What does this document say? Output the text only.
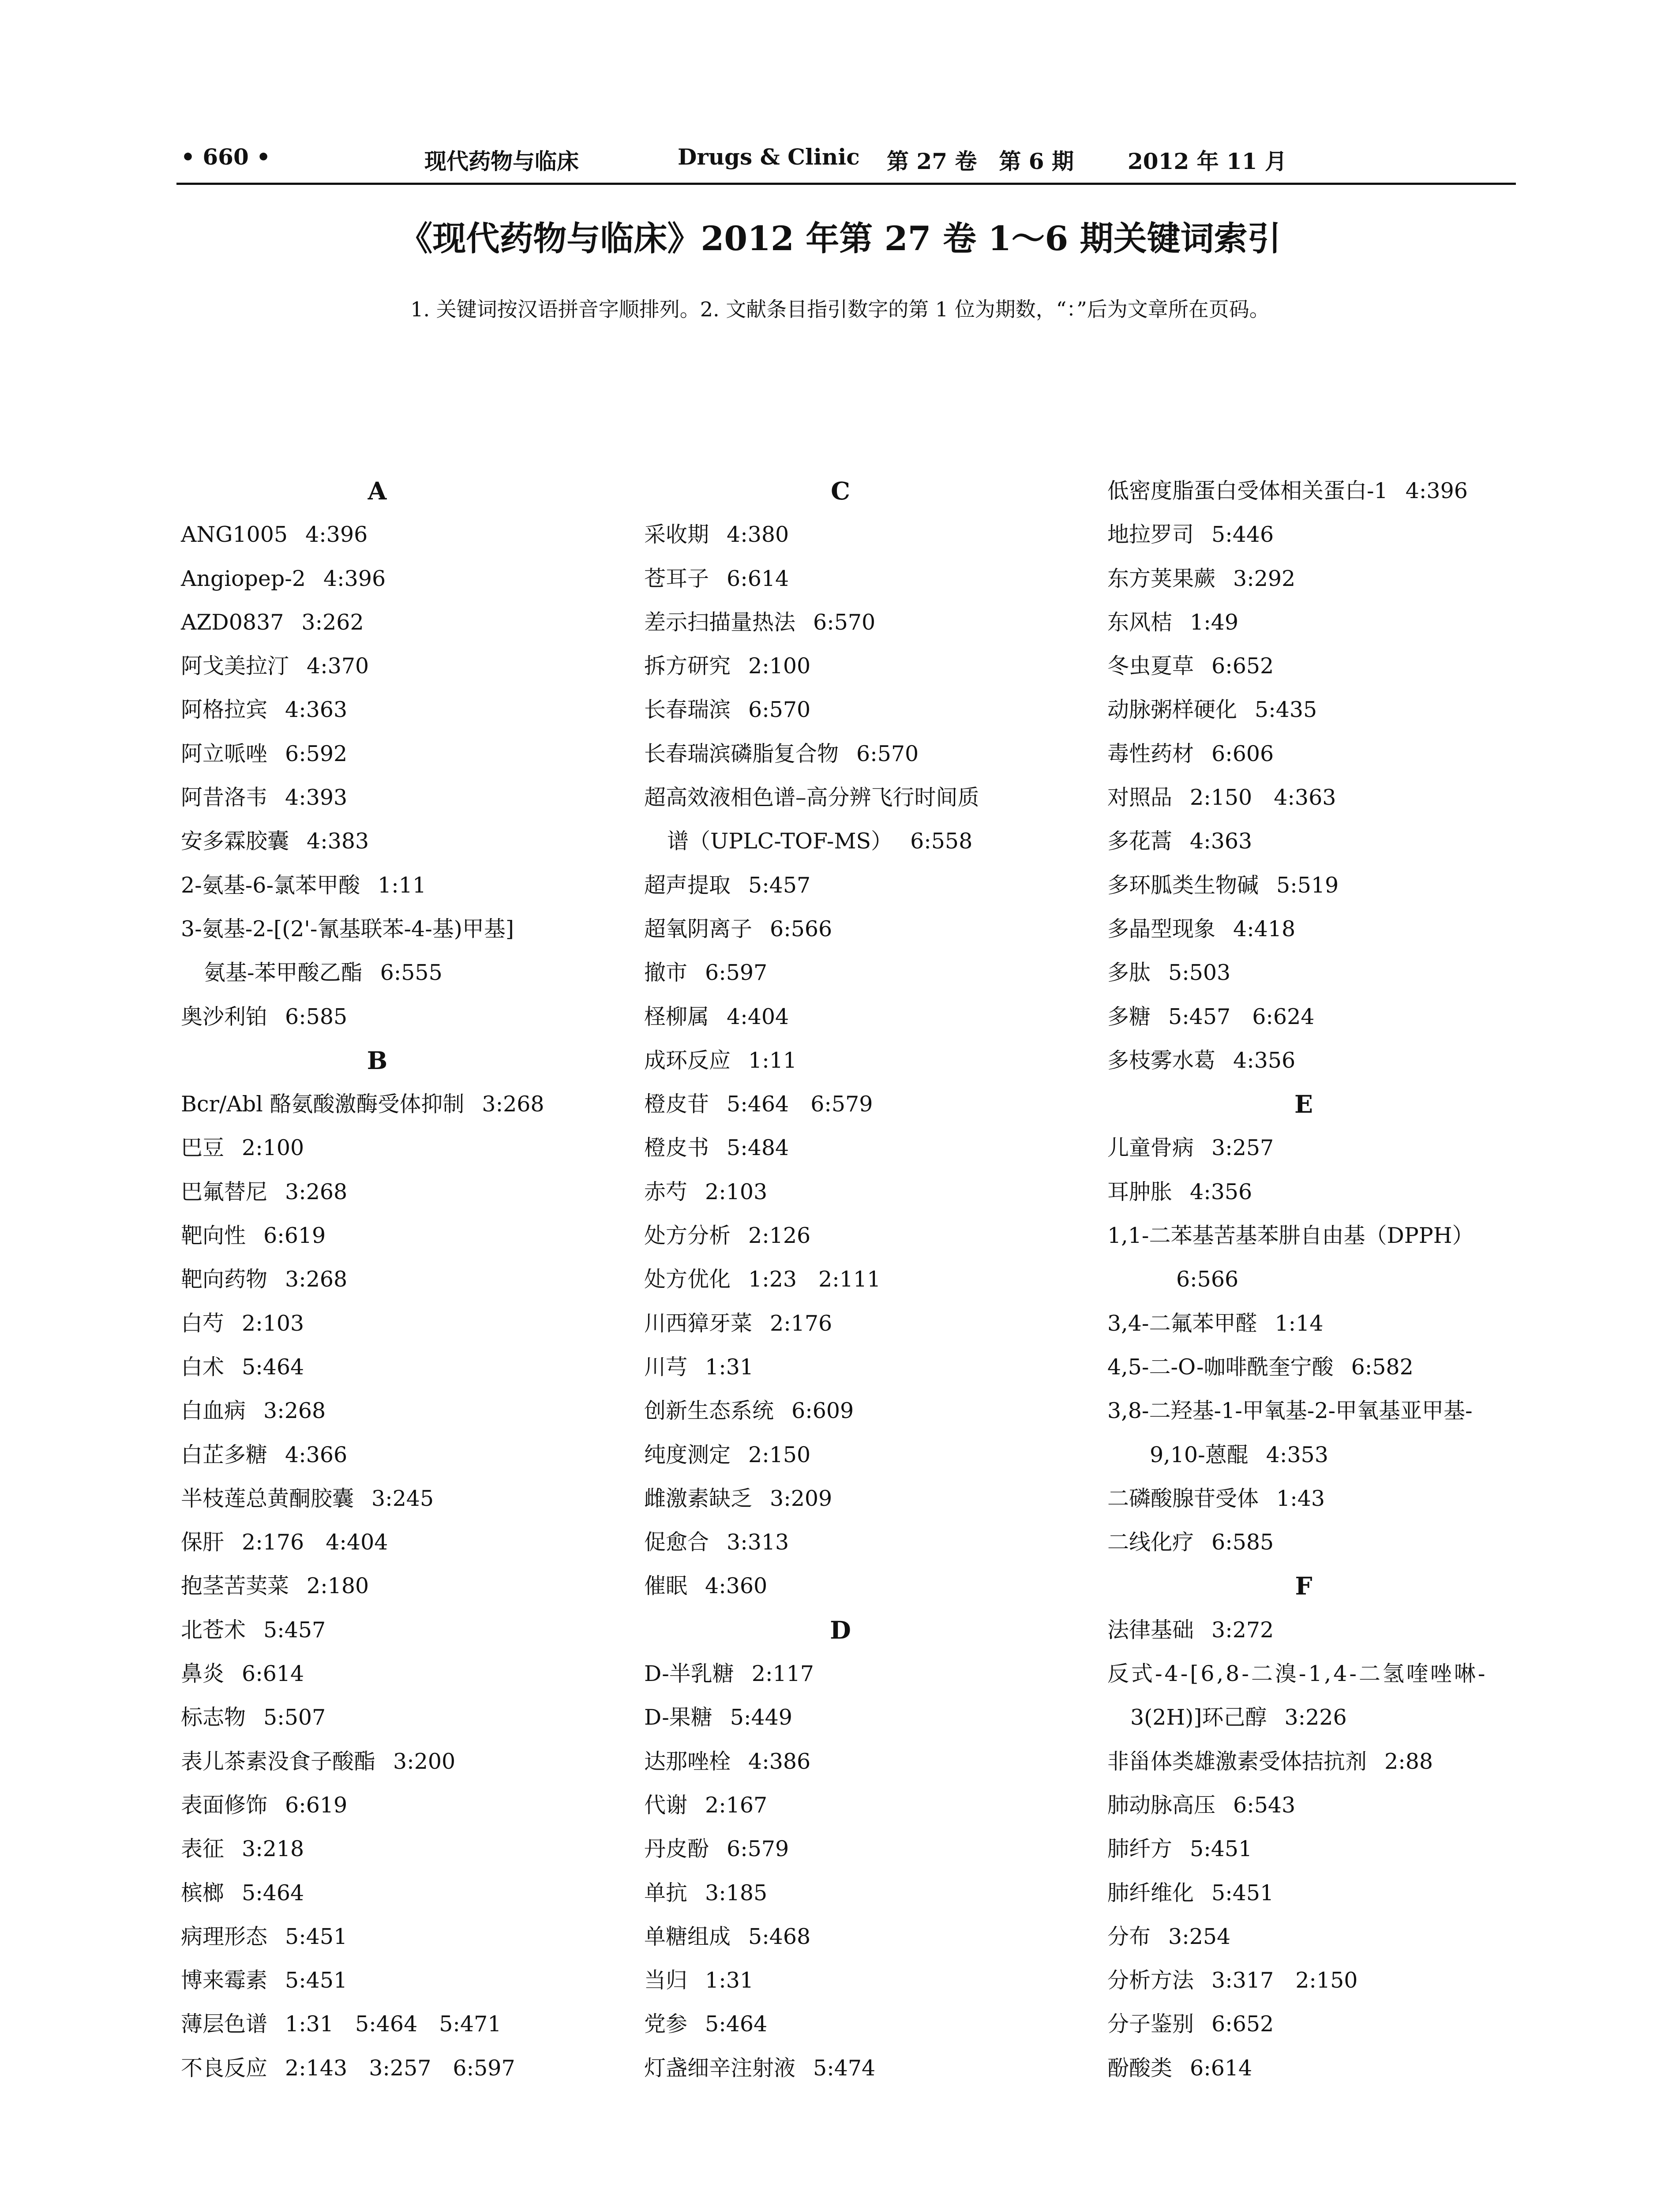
• 660 •	现代药物与临床	Drugs & Clinic 第 27 卷　第 6 期 2012 年 11 月
《现代药物与临床》2012 年第 27 卷 1～6 期关键词索引
1. 关键词按汉语拼音字顺排列。2. 文献条目指引数字的第 1 位为期数，“：”后为文章所在页码。
A
ANG1005 4:396
Angiopep-2 4:396
AZD0837 3:262
阿戈美拉汀 4:370
阿格拉宾 4:363
阿立哌唑 6:592
阿昔洛韦 4:393
安多霖胶囊 4:383
2-氨基-6-氯苯甲酸 1:11
3-氨基-2-[(2'-氰基联苯-4-基)甲基]
氨基-苯甲酸乙酯 6:555
奥沙利铂 6:585
B
Bcr/Abl 酪氨酸激酶受体抑制 3:268
巴豆 2:100
巴氟替尼 3:268
靶向性 6:619
靶向药物 3:268
白芍 2:103
白术 5:464
白血病 3:268
白芷多糖 4:366
半枝莲总黄酮胶囊 3:245
保肝 2:176　4:404
抱茎苦荬菜 2:180
北苍术 5:457
鼻炎 6:614
标志物 5:507
表儿茶素没食子酸酯 3:200
表面修饰 6:619
表征 3:218
槟榔 5:464
病理形态 5:451
博来霉素 5:451
薄层色谱 1:31　5:464　5:471
不良反应 2:143　3:257　6:597
C
采收期 4:380
苍耳子 6:614
差示扫描量热法 6:570
拆方研究 2:100
长春瑞滨 6:570
长春瑞滨磷脂复合物 6:570
超高效液相色谱–高分辨飞行时间质
谱（UPLC-TOF-MS） 6:558
超声提取 5:457
超氧阴离子 6:566
撤市 6:597
柽柳属 4:404
成环反应 1:11
橙皮苷 5:464　6:579
橙皮书 5:484
赤芍 2:103
处方分析 2:126
处方优化 1:23　2:111
川西獐牙菜 2:176
川芎 1:31
创新生态系统 6:609
纯度测定 2:150
雌激素缺乏 3:209
促愈合 3:313
催眠 4:360
D
D-半乳糖 2:117
D-果糖 5:449
达那唑栓 4:386
代谢 2:167
丹皮酚 6:579
单抗 3:185
单糖组成 5:468
当归 1:31
党参 5:464
灯盏细辛注射液 5:474
低密度脂蛋白受体相关蛋白-1 4:396
地拉罗司 5:446
东方荚果蕨 3:292
东风桔 1:49
冬虫夏草 6:652
动脉粥样硬化 5:435
毒性药材 6:606
对照品 2:150　4:363
多花蒿 4:363
多环胍类生物碱 5:519
多晶型现象 4:418
多肽 5:503
多糖 5:457　6:624
多枝雾水葛 4:356
E
儿童骨病 3:257
耳肿胀 4:356
1,1-二苯基苦基苯肼自由基（DPPH）
6:566
3,4-二氟苯甲醛 1:14
4,5-二-O-咖啡酰奎宁酸 6:582
3,8-二羟基-1-甲氧基-2-甲氧基亚甲基-
9,10-蒽醌 4:353
二磷酸腺苷受体 1:43
二线化疗 6:585
F
法律基础 3:272
反式-4-[6,8-二溴-1,4-二氢喹唑啉-
3(2H)]环己醇 3:226
非甾体类雄激素受体拮抗剂 2:88
肺动脉高压 6:543
肺纤方 5:451
肺纤维化 5:451
分布 3:254
分析方法 3:317　2:150
分子鉴别 6:652
酚酸类 6:614
